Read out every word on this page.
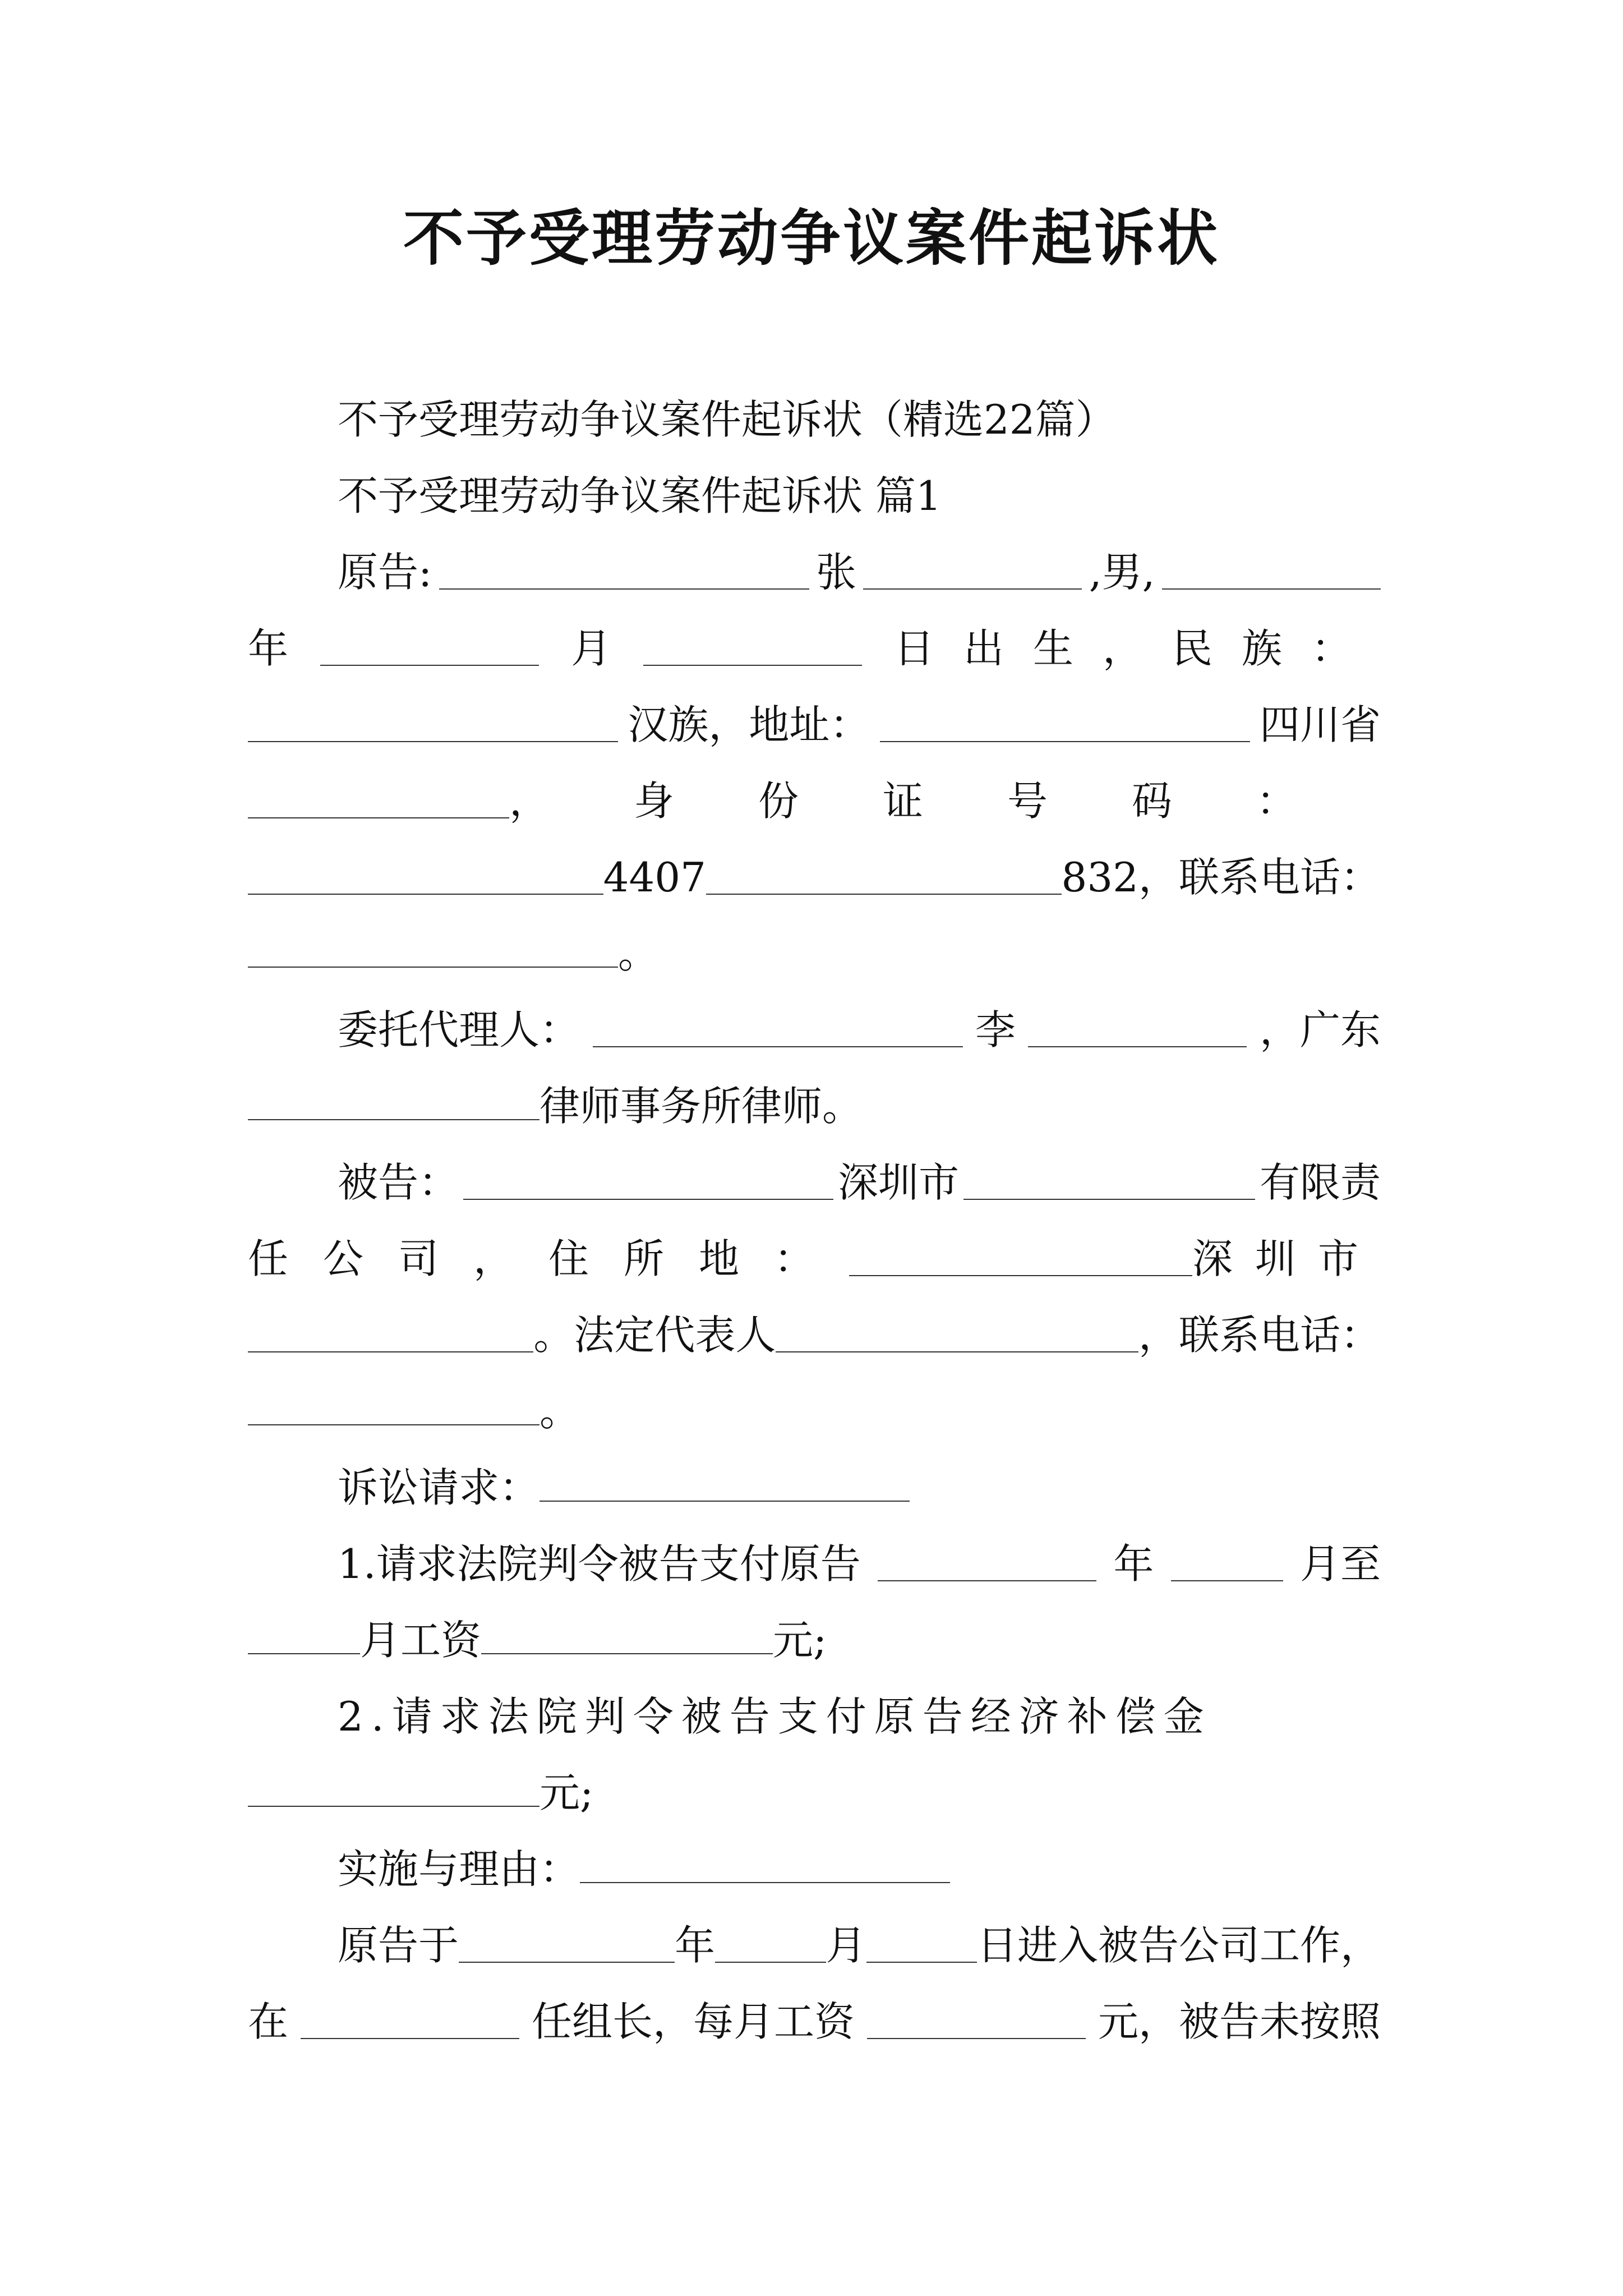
不予受理劳动争议案件起诉状
不予受理劳动争议案件起诉状（精选22篇）
不予受理劳动争议案件起诉状 篇1
原告:	张	,男,
年	月	日出生，民族：
汉族，地址：	四川省
，身份证号码：
4407	832，联系电话：
。
委托代理人：	李	，广东
律师事务所律师。
被告：	深圳市	有限责
任公司，住所地：	深圳市
。法定代表人	，联系电话：
。
诉讼请求：
1.请求法院判令被告支付原告	年	月至
月工资	元;
2.请求法院判令被告支付原告经济补偿金
元;
实施与理由：
原告于	年	月	日进入被告公司工作，
在	任组长，每月工资	元，被告未按照
